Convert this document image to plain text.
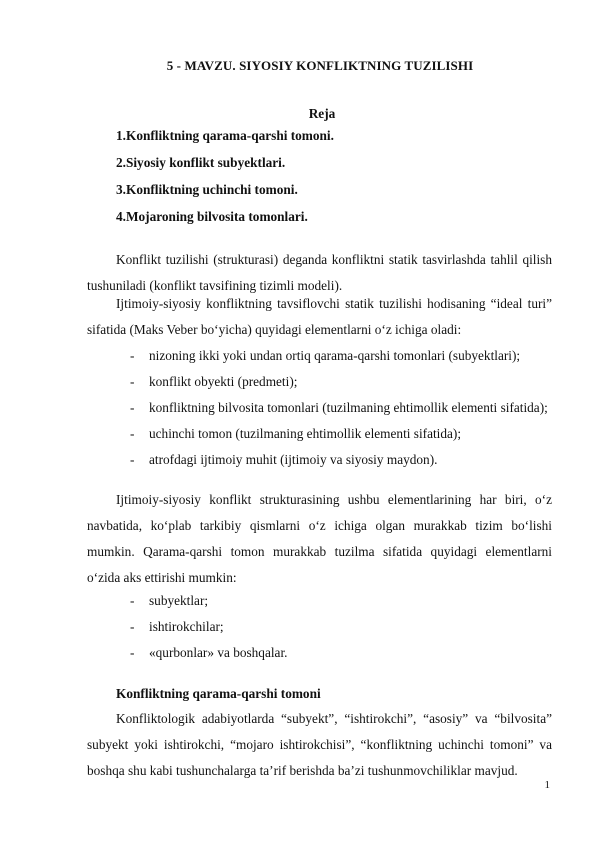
5 - MAVZU. SIYOSIY KONFLIKTNING TUZILISHI
Reja
1.Konfliktning qarama-qarshi tomoni.
2.Siyosiy konflikt subyektlari.
3.Konfliktning uchinchi tomoni.
4.Mojaroning bilvosita tomonlari.

Konflikt tuzilishi (strukturasi) deganda konfliktni statik tasvirlashda tahlil qilish tushuniladi (konflikt tavsifining tizimli modeli).

Ijtimoiy-siyosiy konfliktning tavsiflovchi statik tuzilishi hodisaning “ideal turi” sifatida (Maks Veber bo‘yicha) quyidagi elementlarni o‘z ichiga oladi:

- nizoning ikki yoki undan ortiq qarama-qarshi tomonlari (subyektlari);
- konflikt obyekti (predmeti);
- konfliktning bilvosita tomonlari (tuzilmaning ehtimollik elementi sifatida);
- uchinchi tomon (tuzilmaning ehtimollik elementi sifatida);
- atrofdagi ijtimoiy muhit (ijtimoiy va siyosiy maydon).

Ijtimoiy-siyosiy konflikt strukturasining ushbu elementlarining har biri, o‘z navbatida, ko‘plab tarkibiy qismlarni o‘z ichiga olgan murakkab tizim bo‘lishi mumkin. Qarama-qarshi tomon murakkab tuzilma sifatida quyidagi elementlarni o‘zida aks ettirishi mumkin:

- subyektlar;
- ishtirokchilar;
- «qurbonlar» va boshqalar.

Konfliktning qarama-qarshi tomoni

Konfliktologik adabiyotlarda “subyekt”, “ishtirokchi”, “asosiy” va “bilvosita” subyekt yoki ishtirokchi, “mojaro ishtirokchisi”, “konfliktning uchinchi tomoni” va boshqa shu kabi tushunchalarga ta’rif berishda ba’zi tushunmovchiliklar mavjud.

1
